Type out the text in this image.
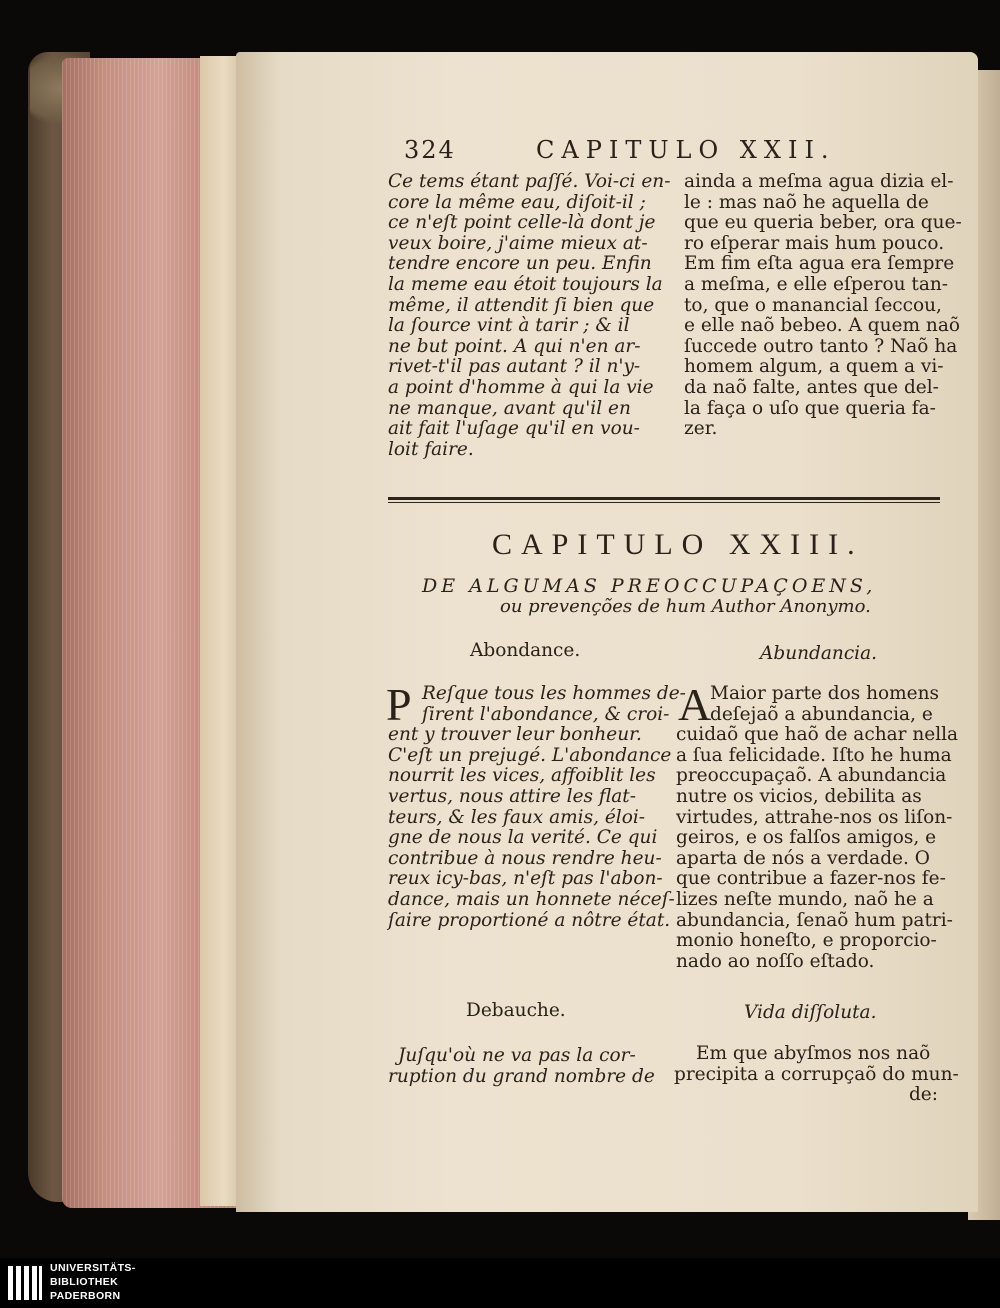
324	CAPITULO XXII.
Ce tems étant paſſé. Voi-ci en-
core la même eau, diſoit-il ;
ce n'eſt point celle-là dont je
veux boire, j'aime mieux at-
tendre encore un peu. Enfin
la meme eau étoit toujours la
même, il attendit ſi bien que
la ſource vint à tarir ; & il
ne but point. A qui n'en ar-
rivet-t'il pas autant ? il n'y-
a point d'homme à qui la vie
ne manque, avant qu'il en
ait fait l'uſage qu'il en vou-
loit faire.
ainda a meſma agua dizia el-
le : mas naõ he aquella de
que eu queria beber, ora que-
ro eſperar mais hum pouco.
Em fim eſta agua era ſempre
a meſma, e elle eſperou tan-
to, que o manancial ſeccou,
e elle naõ bebeo. A quem naõ
ſuccede outro tanto ? Naõ ha
homem algum, a quem a vi-
da naõ falte, antes que del-
la faça o uſo que queria fa-
zer.
CAPITULO XXIII.
DE ALGUMAS PREOCCUPAÇOENS,
ou prevenções de hum Author Anonymo.
Abondance.	Abundancia.
P Reſque tous les hommes de-
ſirent l'abondance, & croi-
ent y trouver leur bonheur.
C'eſt un prejugé. L'abondance
nourrit les vices, affoiblit les
vertus, nous attire les flat-
teurs, & les faux amis, éloi-
gne de nous la verité. Ce qui
contribue à nous rendre heu-
reux icy-bas, n'eſt pas l'abon-
dance, mais un honnete néceſ-
ſaire proportioné a nôtre état.
A
Maior parte dos homens
deſejaõ a abundancia, e
cuidaõ que haõ de achar nella
a ſua felicidade. Iſto he huma
preoccupaçaõ. A abundancia
nutre os vicios, debilita as
virtudes, attrahe-nos os liſon-
geiros, e os falſos amigos, e
aparta de nós a verdade. O
que contribue a fazer-nos fe-
lizes neſte mundo, naõ he a
abundancia, ſenaõ hum patri-
monio honeſto, e proporcio-
nado ao noſſo eſtado.
Debauche.	Vida diſſoluta.
Juſqu'où ne va pas la cor-
ruption du grand nombre de
Em que abyſmos nos naõ
precipita a corrupçaõ do mun-
de:
UNIVERSITÄTS-
BIBLIOTHEK
PADERBORN
